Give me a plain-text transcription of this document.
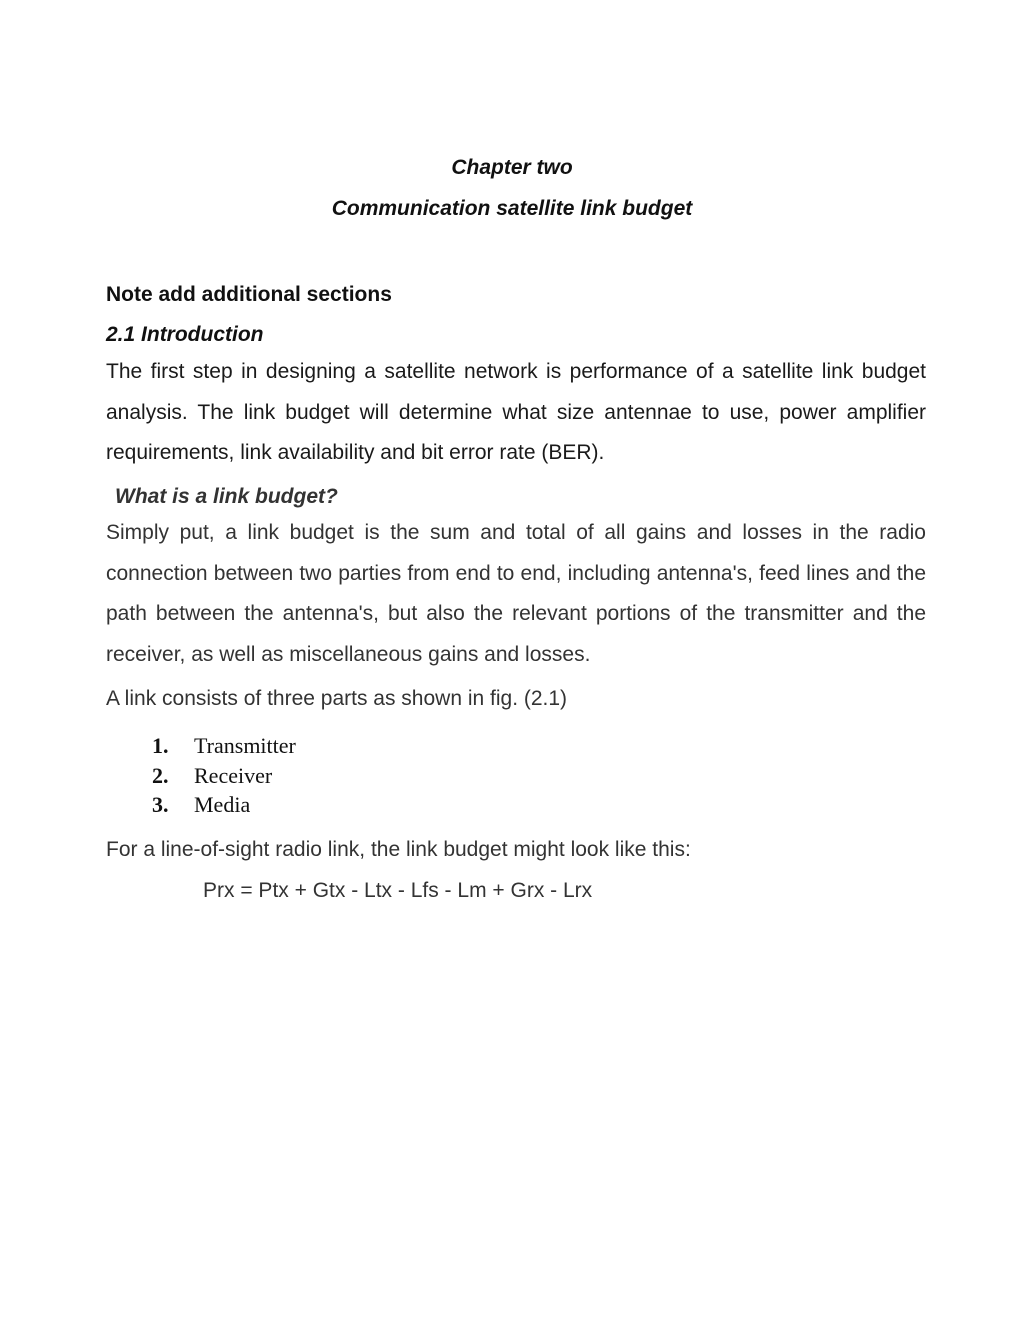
Chapter two
Communication satellite link budget
Note add additional sections
2.1 Introduction
The first step in designing a satellite network is performance of a satellite link budget analysis. The link budget will determine what size antennae to use, power amplifier requirements, link availability and bit error rate (BER).
What is a link budget?
Simply put, a link budget is the sum and total of all gains and losses in the radio connection between two parties from end to end, including antenna's, feed lines and the path between the antenna's, but also the relevant portions of the transmitter and the receiver, as well as miscellaneous gains and losses.
A link consists of three parts as shown in fig. (2.1)
1. Transmitter
2. Receiver
3. Media
For a line-of-sight radio link, the link budget might look like this:
Prx = Ptx + Gtx - Ltx - Lfs - Lm + Grx - Lrx
